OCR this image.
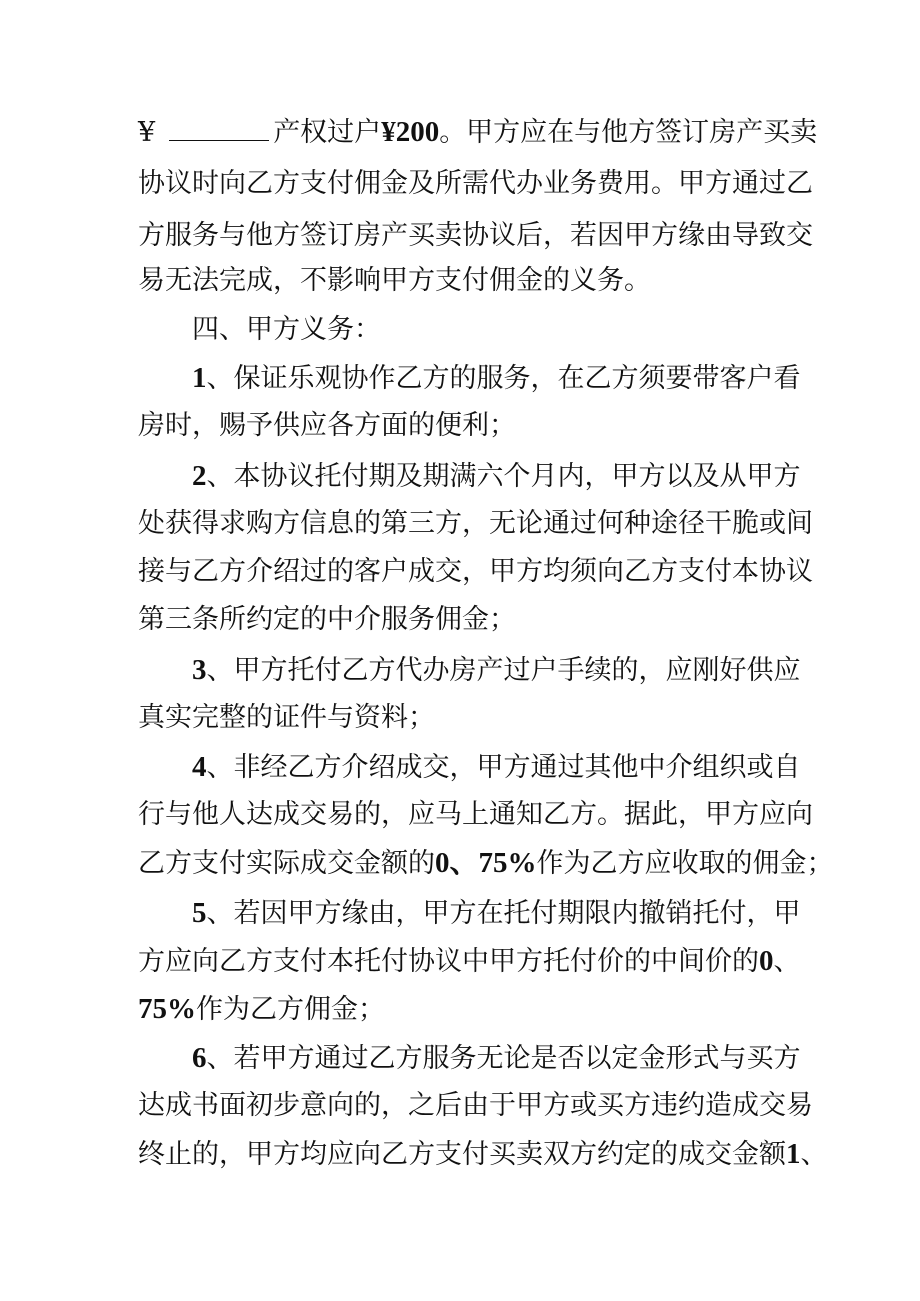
¥	产权过户¥200。甲方应在与他方签订房产买卖

协议时向乙方支付佣金及所需代办业务费用。甲方通过乙

方服务与他方签订房产买卖协议后，若因甲方缘由导致交

易无法完成，不影响甲方支付佣金的义务。

四、甲方义务：

1、保证乐观协作乙方的服务，在乙方须要带客户看

房时，赐予供应各方面的便利；

2、本协议托付期及期满六个月内，甲方以及从甲方

处获得求购方信息的第三方，无论通过何种途径干脆或间

接与乙方介绍过的客户成交，甲方均须向乙方支付本协议

第三条所约定的中介服务佣金；

3、甲方托付乙方代办房产过户手续的，应刚好供应

真实完整的证件与资料；

4、非经乙方介绍成交，甲方通过其他中介组织或自

行与他人达成交易的，应马上通知乙方。据此，甲方应向

乙方支付实际成交金额的0、75%作为乙方应收取的佣金；

5、若因甲方缘由，甲方在托付期限内撤销托付，甲

方应向乙方支付本托付协议中甲方托付价的中间价的0、

75%作为乙方佣金；

6、若甲方通过乙方服务无论是否以定金形式与买方

达成书面初步意向的，之后由于甲方或买方违约造成交易

终止的，甲方均应向乙方支付买卖双方约定的成交金额1、
